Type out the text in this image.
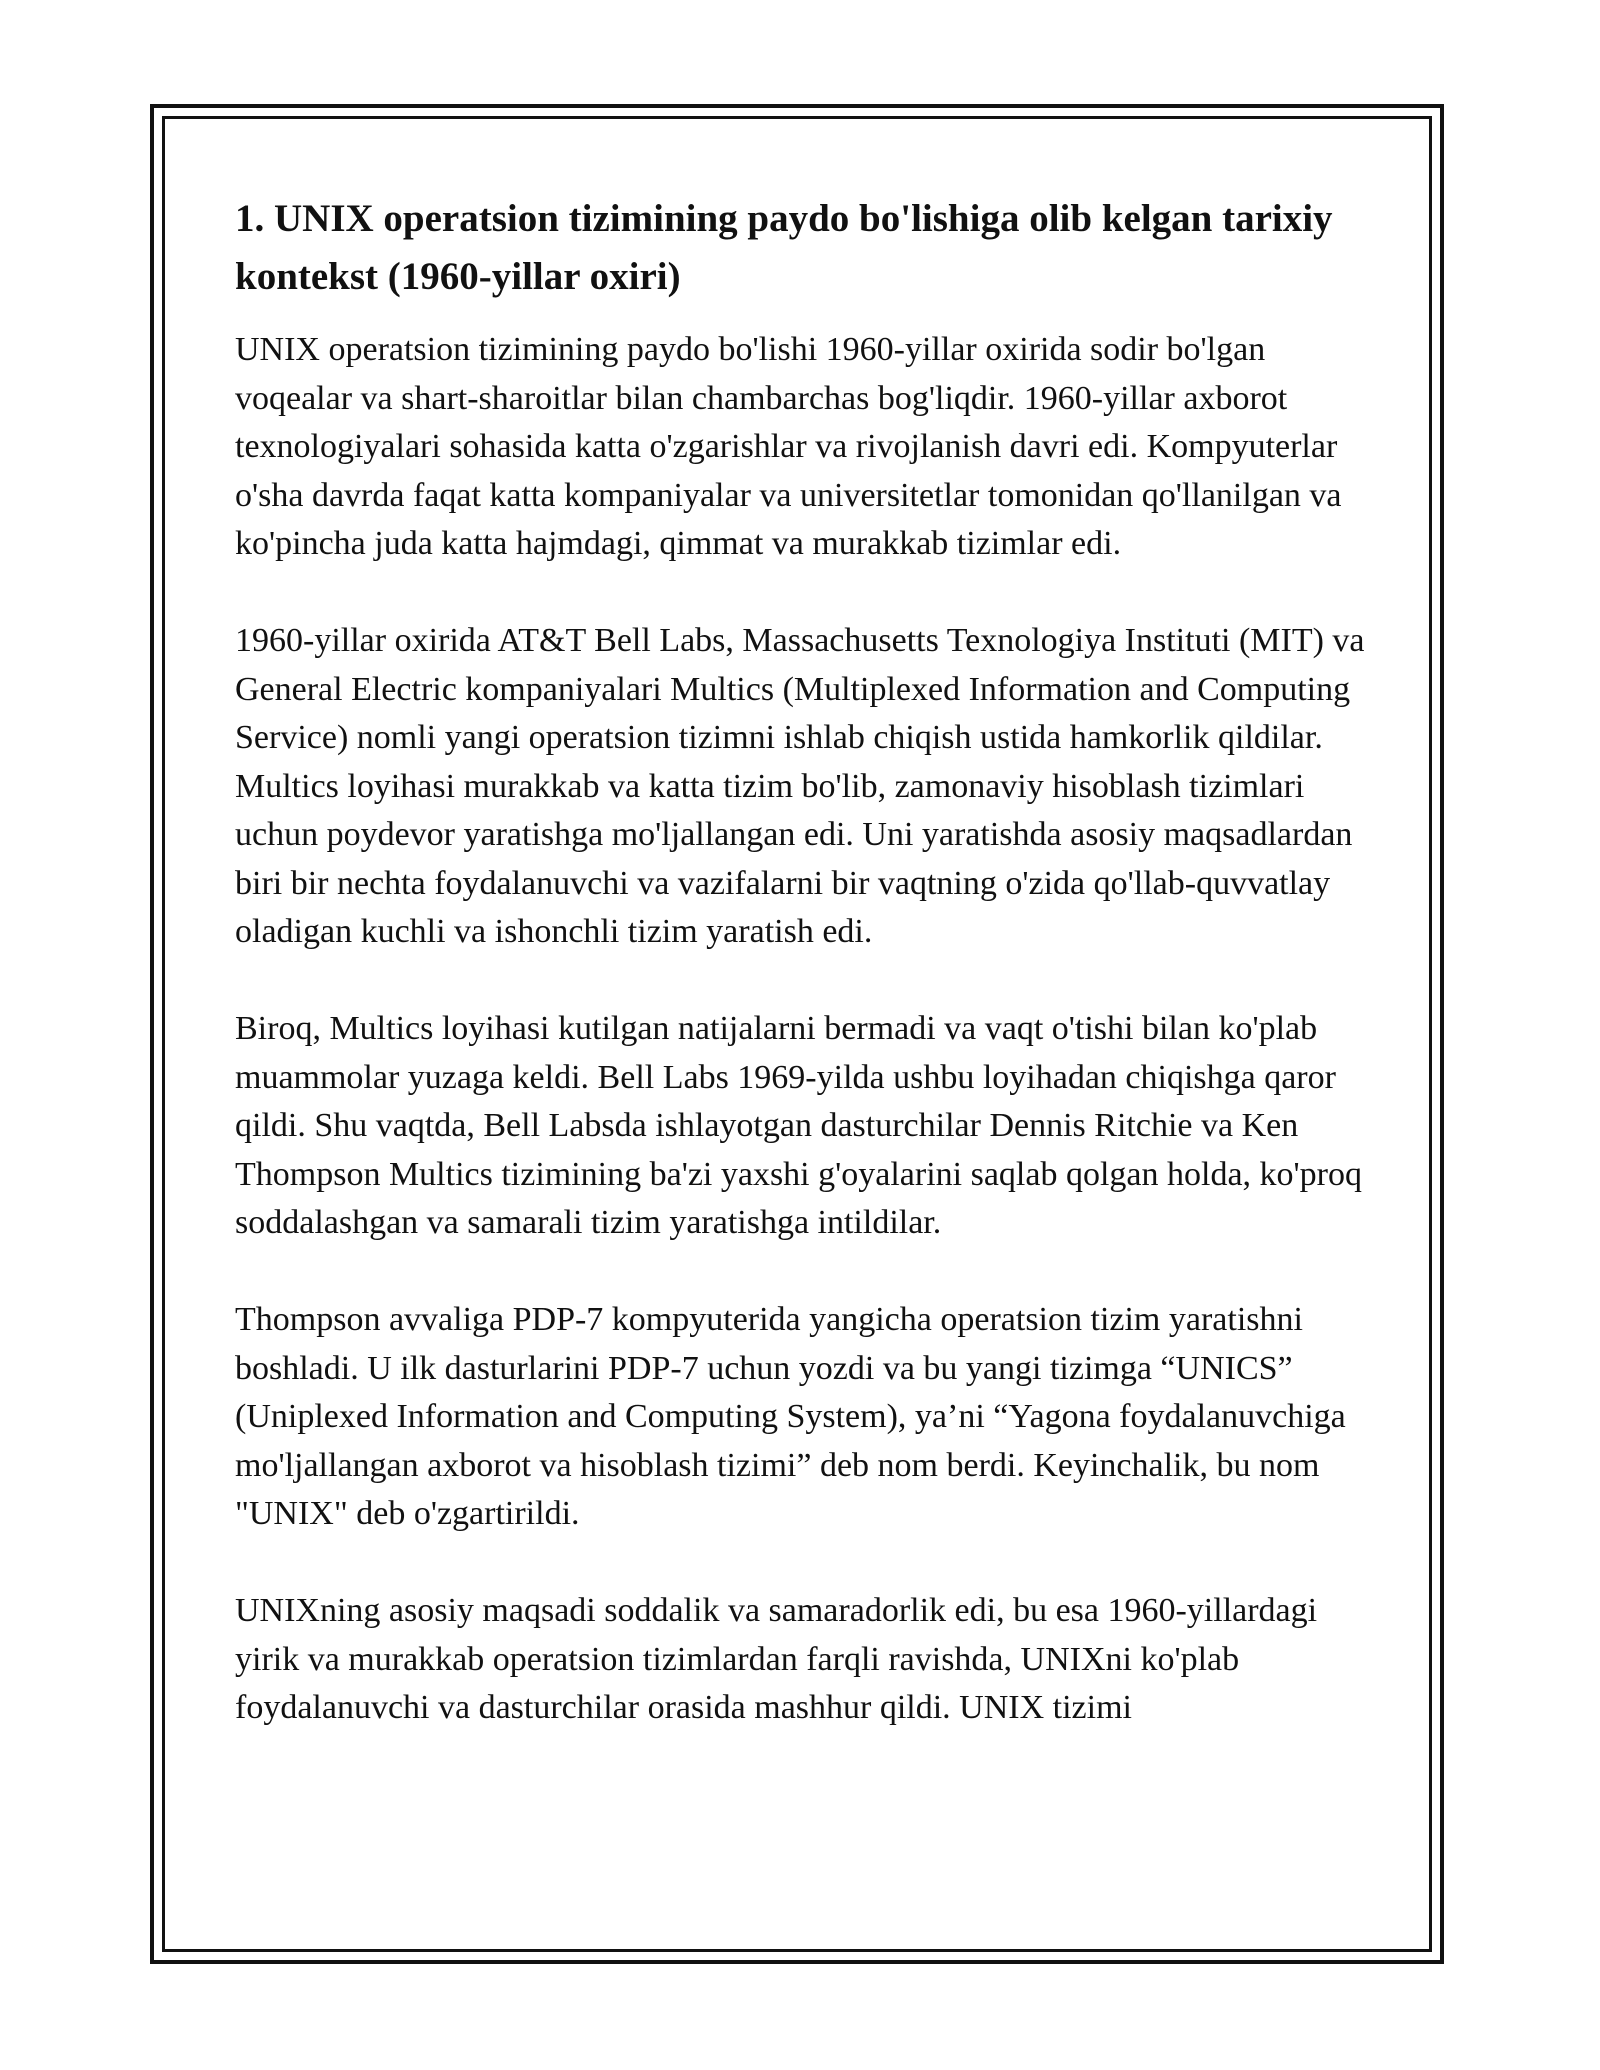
1. UNIX operatsion tizimining paydo bo'lishiga olib kelgan tarixiy kontekst (1960-yillar oxiri)

UNIX operatsion tizimining paydo bo'lishi 1960-yillar oxirida sodir bo'lgan voqealar va shart-sharoitlar bilan chambarchas bog'liqdir. 1960-yillar axborot texnologiyalari sohasida katta o'zgarishlar va rivojlanish davri edi. Kompyuterlar o'sha davrda faqat katta kompaniyalar va universitetlar tomonidan qo'llanilgan va ko'pincha juda katta hajmdagi, qimmat va murakkab tizimlar edi.

1960-yillar oxirida AT&T Bell Labs, Massachusetts Texnologiya Instituti (MIT) va General Electric kompaniyalari Multics (Multiplexed Information and Computing Service) nomli yangi operatsion tizimni ishlab chiqish ustida hamkorlik qildilar. Multics loyihasi murakkab va katta tizim bo'lib, zamonaviy hisoblash tizimlari uchun poydevor yaratishga mo'ljallangan edi. Uni yaratishda asosiy maqsadlardan biri bir nechta foydalanuvchi va vazifalarni bir vaqtning o'zida qo'llab-quvvatlay oladigan kuchli va ishonchli tizim yaratish edi.

Biroq, Multics loyihasi kutilgan natijalarni bermadi va vaqt o'tishi bilan ko'plab muammolar yuzaga keldi. Bell Labs 1969-yilda ushbu loyihadan chiqishga qaror qildi. Shu vaqtda, Bell Labsda ishlayotgan dasturchilar Dennis Ritchie va Ken Thompson Multics tizimining ba'zi yaxshi g'oyalarini saqlab qolgan holda, ko'proq soddalashgan va samarali tizim yaratishga intildilar.

Thompson avvaliga PDP-7 kompyuterida yangicha operatsion tizim yaratishni boshladi. U ilk dasturlarini PDP-7 uchun yozdi va bu yangi tizimga “UNICS” (Uniplexed Information and Computing System), ya’ni “Yagona foydalanuvchiga mo'ljallangan axborot va hisoblash tizimi” deb nom berdi. Keyinchalik, bu nom "UNIX" deb o'zgartirildi.

UNIXning asosiy maqsadi soddalik va samaradorlik edi, bu esa 1960-yillardagi yirik va murakkab operatsion tizimlardan farqli ravishda, UNIXni ko'plab foydalanuvchi va dasturchilar orasida mashhur qildi. UNIX tizimi
